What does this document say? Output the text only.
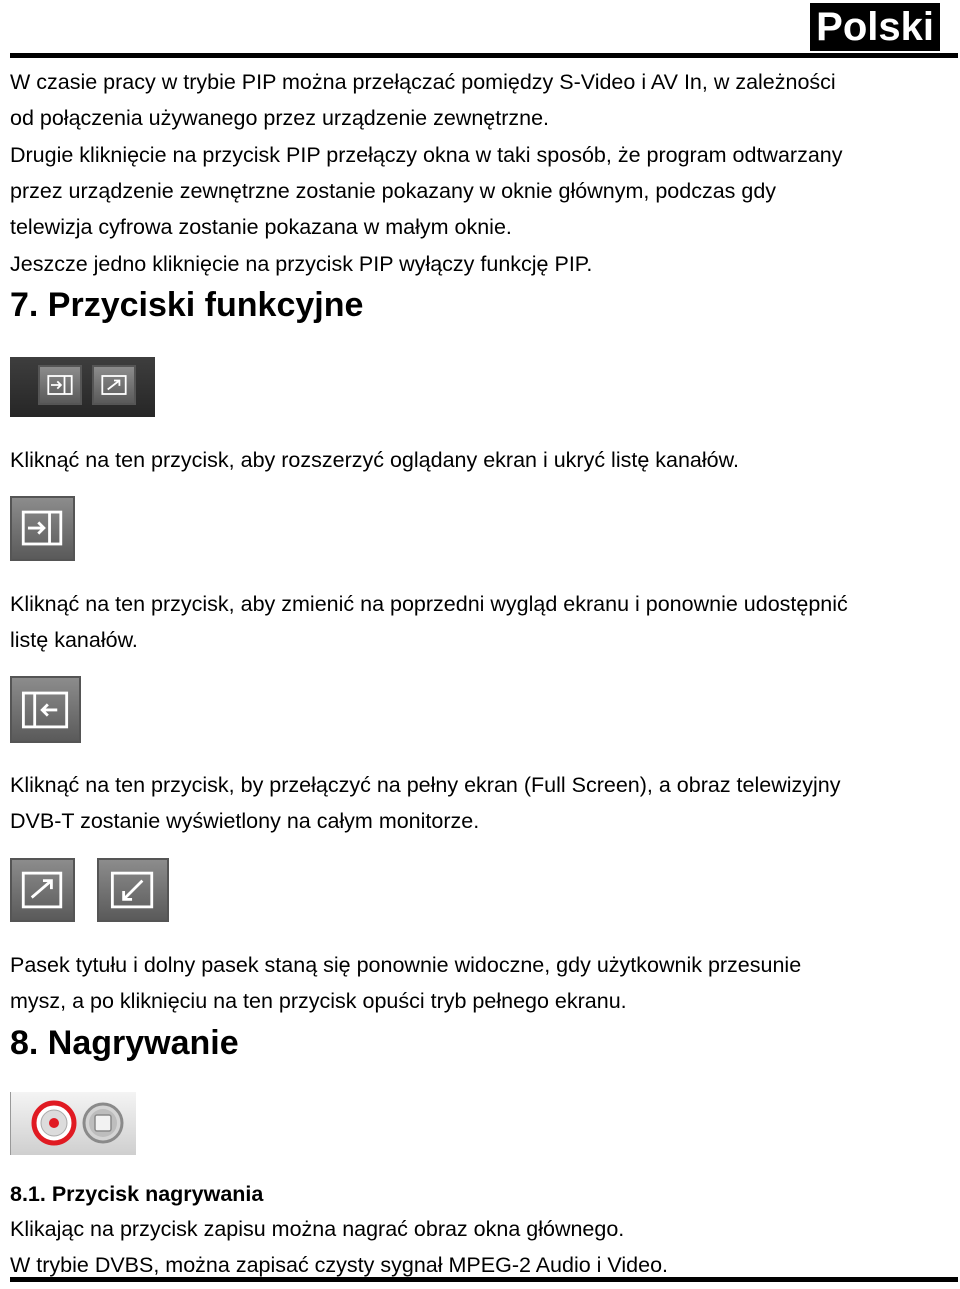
Polski
W czasie pracy w trybie PIP można przełączać pomiędzy S-Video i AV In, w zależności
od połączenia używanego przez urządzenie zewnętrzne.
Drugie kliknięcie na przycisk PIP przełączy okna w taki sposób, że program odtwarzany
przez urządzenie zewnętrzne zostanie pokazany w oknie głównym, podczas gdy
telewizja cyfrowa zostanie pokazana w małym oknie.
Jeszcze jedno kliknięcie na przycisk PIP wyłączy funkcję PIP.
7. Przyciski funkcyjne
Kliknąć na ten przycisk, aby rozszerzyć oglądany ekran i ukryć listę kanałów.
Kliknąć na ten przycisk, aby zmienić na poprzedni wygląd ekranu i ponownie udostępnić
listę kanałów.
Kliknąć na ten przycisk, by przełączyć na pełny ekran (Full Screen), a obraz telewizyjny
DVB-T zostanie wyświetlony na całym monitorze.
Pasek tytułu i dolny pasek staną się ponownie widoczne, gdy użytkownik przesunie
mysz, a po kliknięciu na ten przycisk opuści tryb pełnego ekranu.
8. Nagrywanie
8.1. Przycisk nagrywania
Klikając na przycisk zapisu można nagrać obraz okna głównego.
W trybie DVBS, można zapisać czysty sygnał MPEG-2 Audio i Video.
